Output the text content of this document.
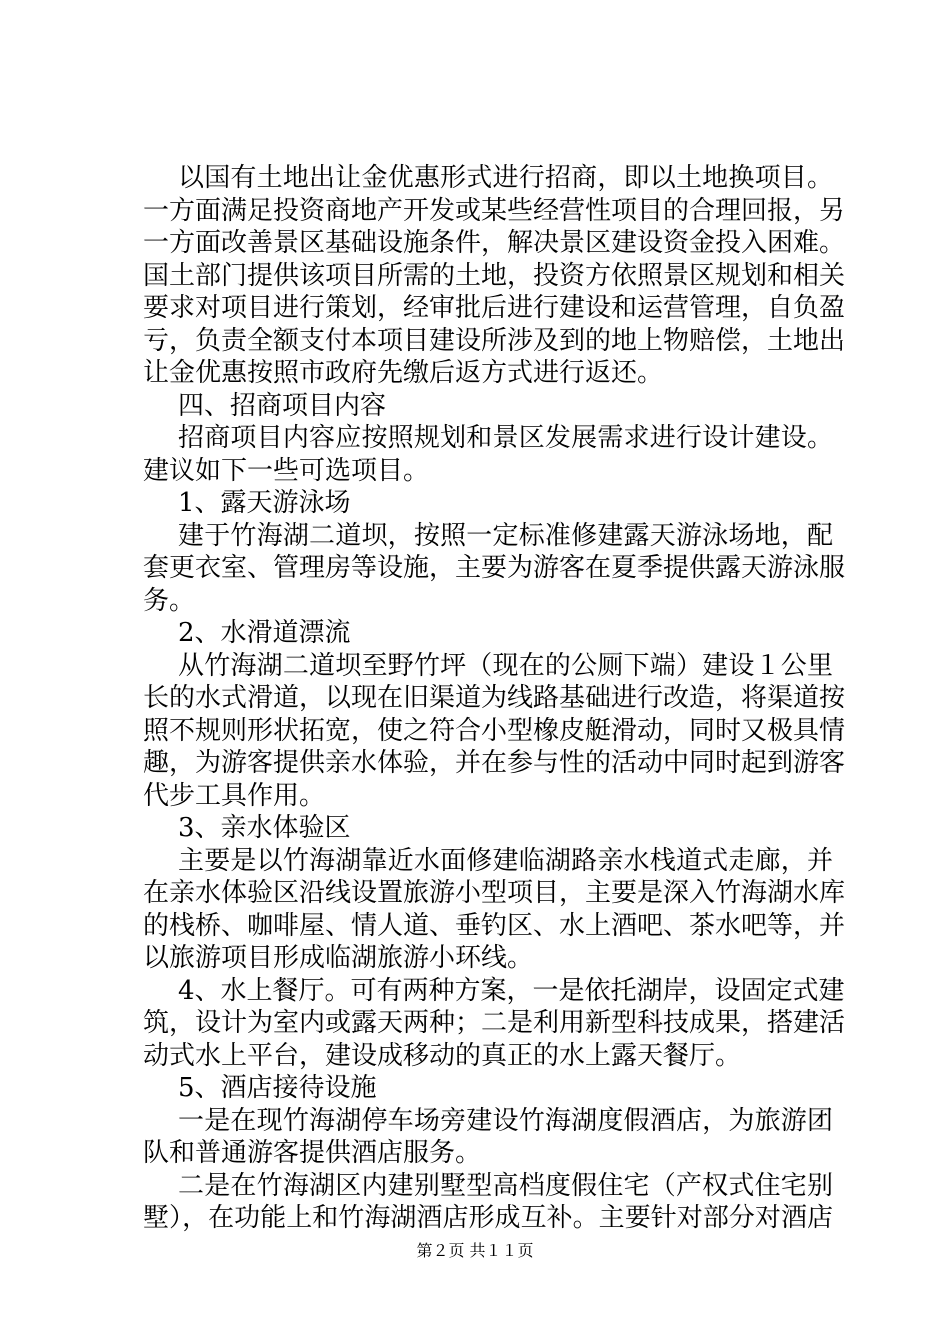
以国有土地出让金优惠形式进行招商，即以土地换项目。
一方面满足投资商地产开发或某些经营性项目的合理回报，另
一方面改善景区基础设施条件，解决景区建设资金投入困难。
国土部门提供该项目所需的土地，投资方依照景区规划和相关
要求对项目进行策划，经审批后进行建设和运营管理，自负盈
亏，负责全额支付本项目建设所涉及到的地上物赔偿，土地出
让金优惠按照市政府先缴后返方式进行返还。
四、招商项目内容
招商项目内容应按照规划和景区发展需求进行设计建设。
建议如下一些可选项目。
1、露天游泳场
建于竹海湖二道坝，按照一定标准修建露天游泳场地，配
套更衣室、管理房等设施，主要为游客在夏季提供露天游泳服
务。
2、水滑道漂流
从竹海湖二道坝至野竹坪（现在的公厕下端）建设１公里
长的水式滑道，以现在旧渠道为线路基础进行改造，将渠道按
照不规则形状拓宽，使之符合小型橡皮艇滑动，同时又极具情
趣，为游客提供亲水体验，并在参与性的活动中同时起到游客
代步工具作用。
3、亲水体验区
主要是以竹海湖靠近水面修建临湖路亲水栈道式走廊，并
在亲水体验区沿线设置旅游小型项目，主要是深入竹海湖水库
的栈桥、咖啡屋、情人道、垂钓区、水上酒吧、茶水吧等，并
以旅游项目形成临湖旅游小环线。
4、水上餐厅。可有两种方案，一是依托湖岸，设固定式建
筑，设计为室内或露天两种；二是利用新型科技成果，搭建活
动式水上平台，建设成移动的真正的水上露天餐厅。
5、酒店接待设施
一是在现竹海湖停车场旁建设竹海湖度假酒店，为旅游团
队和普通游客提供酒店服务。
二是在竹海湖区内建别墅型高档度假住宅（产权式住宅别
墅），在功能上和竹海湖酒店形成互补。主要针对部分对酒店
第２页 共１１页
